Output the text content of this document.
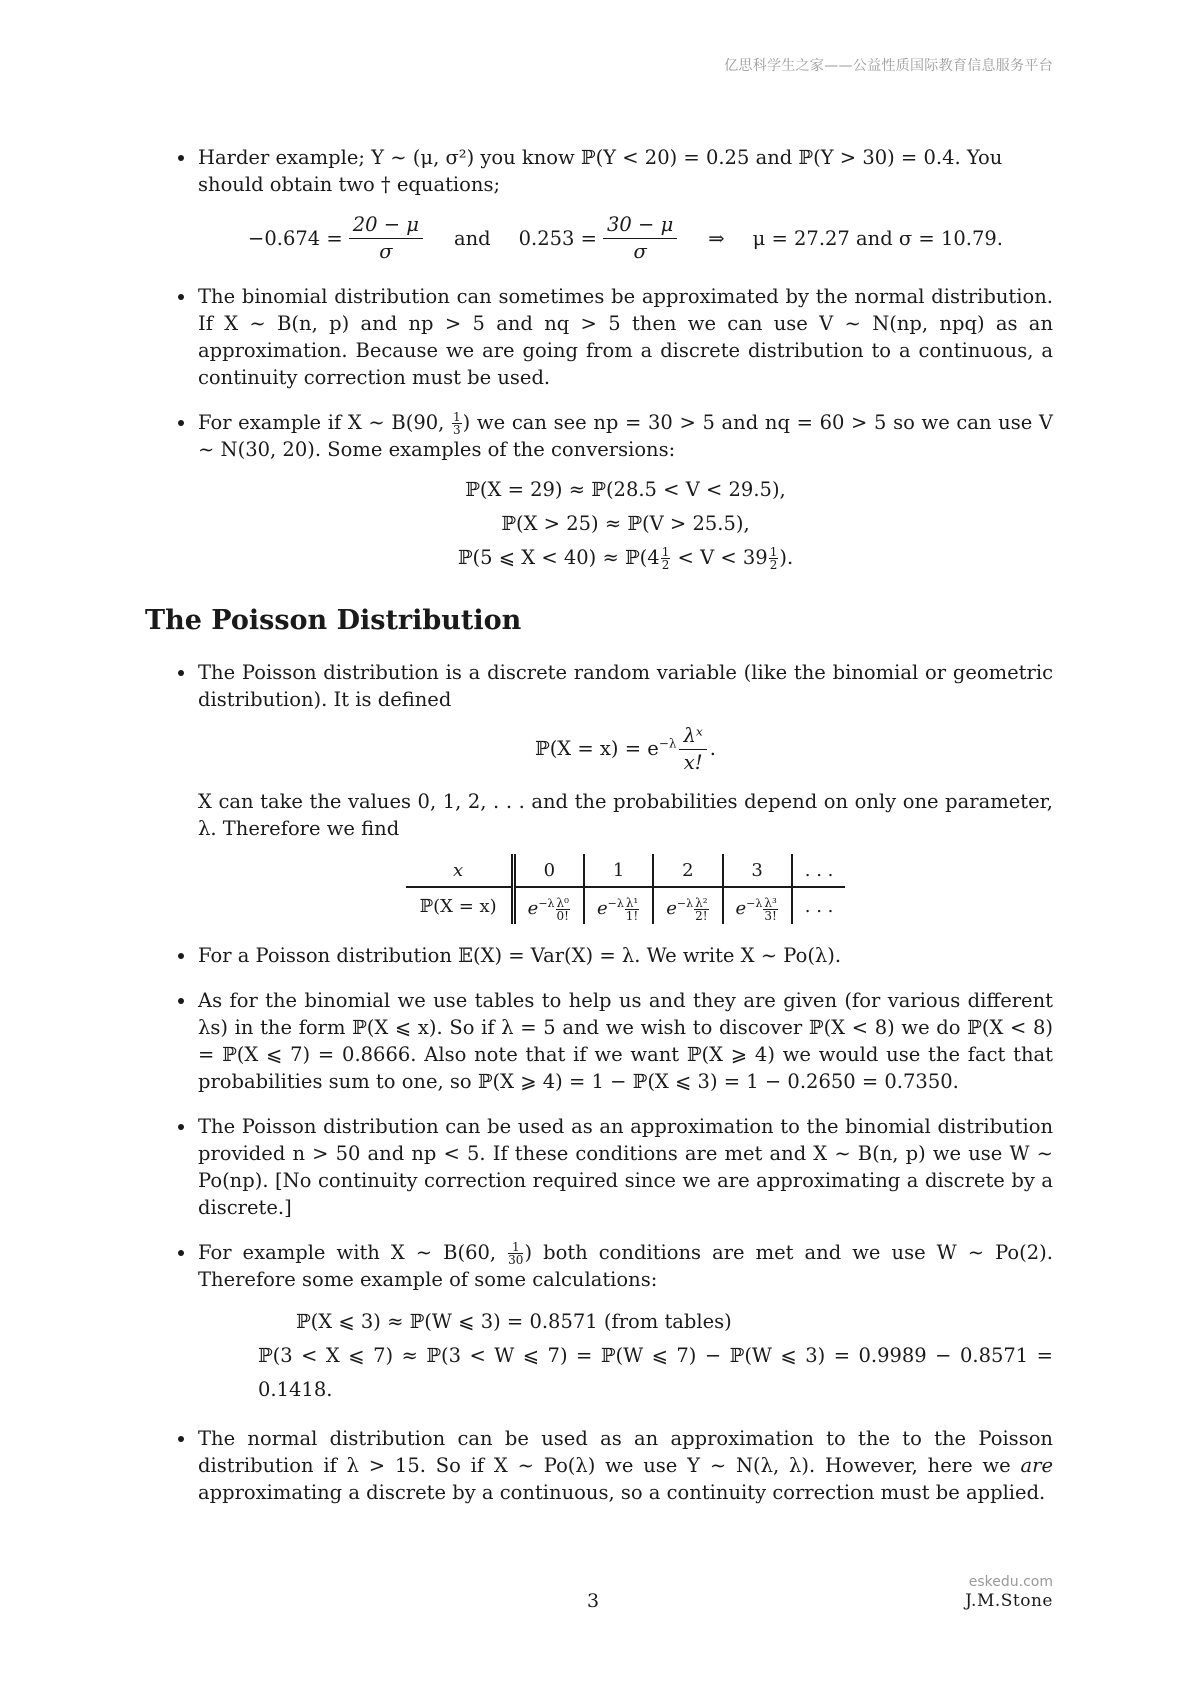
亿思科学生之家——公益性质国际教育信息服务平台

Harder example; Y ∼ (μ, σ²) you know ℙ(Y < 20) = 0.25 and ℙ(Y > 30) = 0.4. You

should obtain two † equations;

$-0.674 = \frac{20 - \mu}{\sigma}$ and $0.253 = \frac{30 - \mu}{\sigma}$ ⇒ μ = 27.27 and σ = 10.79.

The binomial distribution can sometimes be approximated by the normal distribution. If X ∼ B(n, p) and np > 5 and nq > 5 then we can use V ∼ N(np, npq) as an approximation. Because we are going from a discrete distribution to a continuous, a continuity correction must be used.

For example if X ∼ B(90, $\frac{1}{3}$ ) we can see np = 30 > 5 and nq = 60 > 5 so we can use V ∼ N(30, 20). Some examples of the conversions:

ℙ(X = 29) ≈ ℙ(28.5 < V < 29.5),
ℙ(X > 25) ≈ ℙ(V > 25.5),
ℙ(5 ⩽ X < 40) ≈ ℙ(4 $\frac{1}{2} < V < 39 \frac{1}{2}$ ).
The Poisson Distribution

The Poisson distribution is a discrete random variable (like the binomial or geometric distribution). It is defined

ℙ(X = $x) = e^{-\lambda} \frac{\text{λˣ}}{x!}$ .

X can take the values 0, 1, 2, . . . and the probabilities depend on only one parameter, λ. Therefore we find

x	0	1	2	3	. . .
ℙ(X = x)	$e^{-\lambda} \frac{\text{λ⁰}}{0!}$	$e^{-\lambda} \frac{\text{λ¹}}{1!}$	$e^{-\lambda} \frac{\text{λ²}}{2!}$	$e^{-\lambda} \frac{\text{λ³}}{3!}$	. . .

For a Poisson distribution 𝔼(X) = Var(X) = λ. We write X ∼ Po(λ).

As for the binomial we use tables to help us and they are given (for various different λs) in the form ℙ(X ⩽ x). So if λ = 5 and we wish to discover ℙ(X < 8) we do ℙ(X < 8) = ℙ(X ⩽ 7) = 0.8666. Also note that if we want ℙ(X ⩾ 4) we would use the fact that probabilities sum to one, so ℙ(X ⩾ 4) = 1 − ℙ(X ⩽ 3) = 1 − 0.2650 = 0.7350.

The Poisson distribution can be used as an approximation to the binomial distribution provided n > 50 and np < 5. If these conditions are met and X ∼ B(n, p) we use W ∼ Po(np). [No continuity correction required since we are approximating a discrete by a discrete.]

For example with X ∼ B(60, $\frac{1}{30}$ ) both conditions are met and we use W ∼ Po(2). Therefore some example of some calculations:

ℙ(X ⩽ 3) ≈ ℙ(W ⩽ 3) = 0.8571 (from tables)
ℙ(3 < X ⩽ 7) ≈ ℙ(3 < W ⩽ 7) = ℙ(W ⩽ 7) − ℙ(W ⩽ 3) = 0.9989 − 0.8571 = 0.1418.

The normal distribution can be used as an approximation to the to the Poisson distribution if λ > 15. So if X ∼ Po(λ) we use Y ∼ N(λ, λ). However, here we are approximating a discrete by a continuous, so a continuity correction must be applied.

3
eskedu.com
J.M.Stone
